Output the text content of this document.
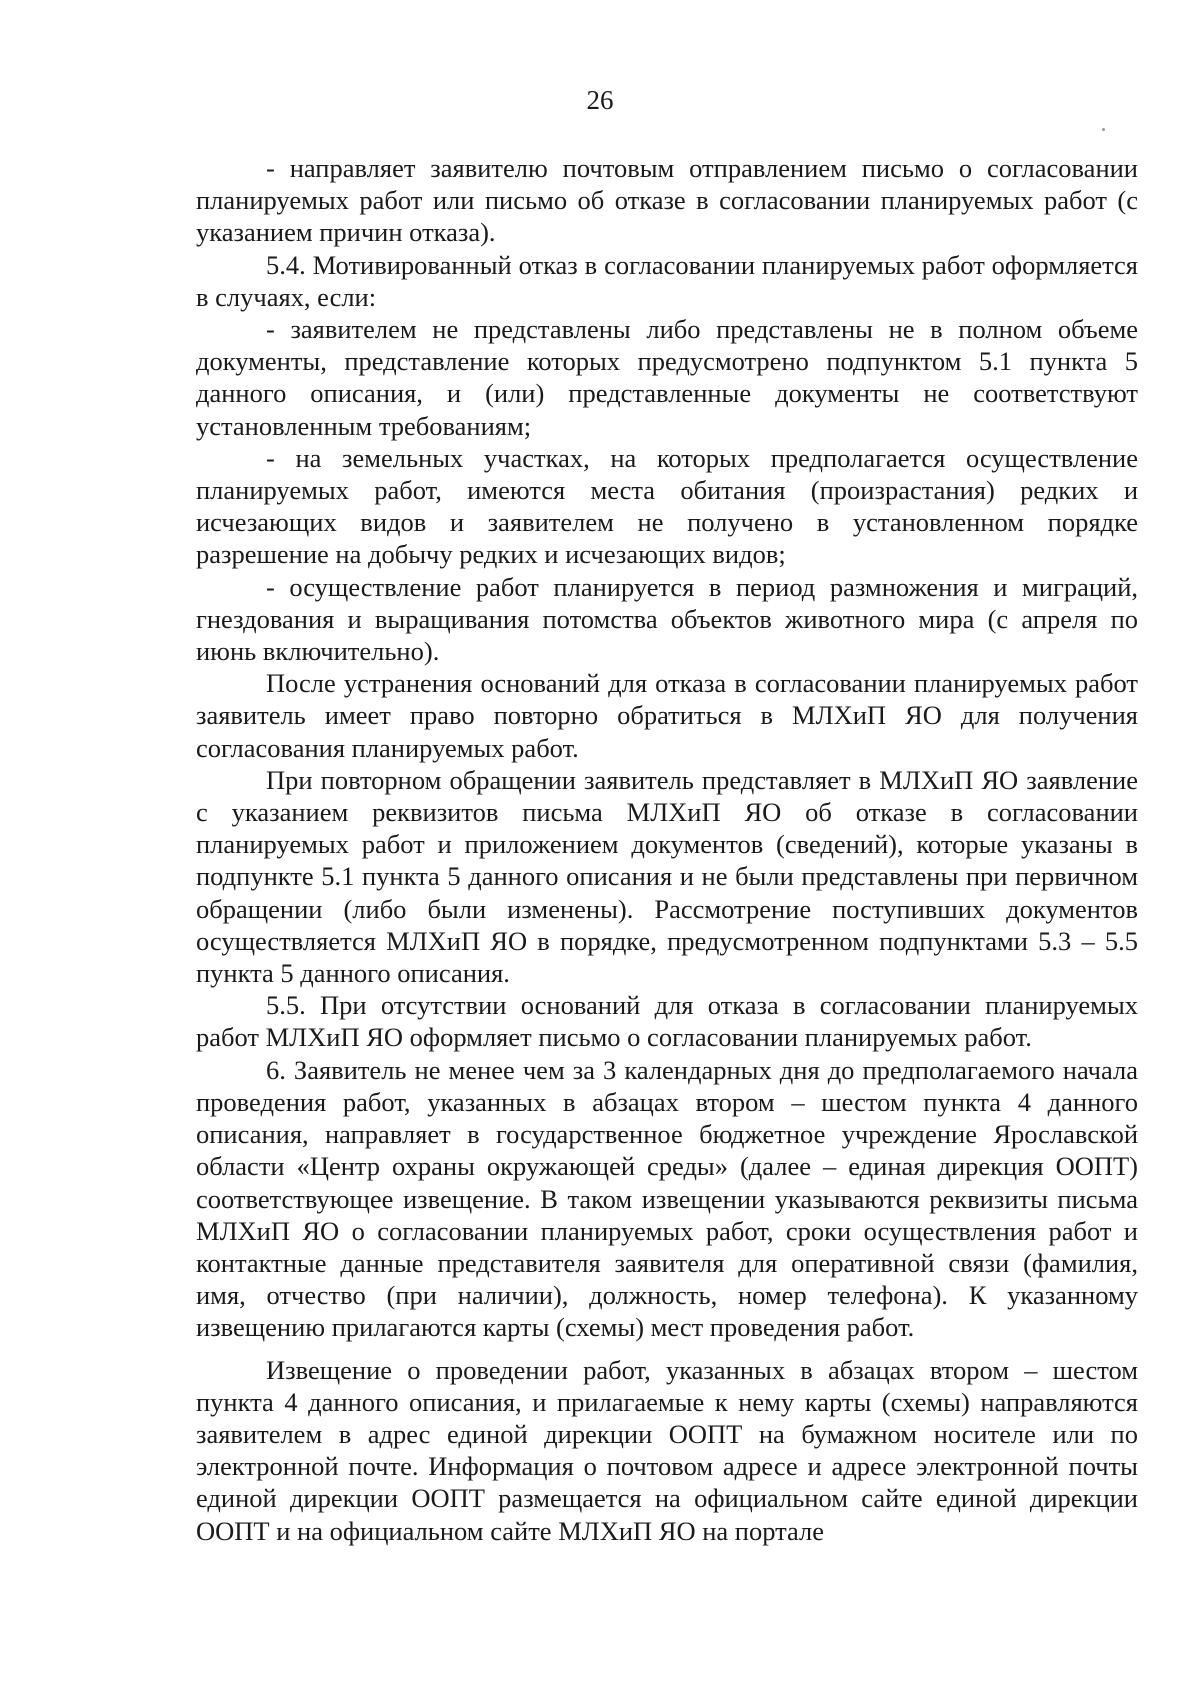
26

- направляет заявителю почтовым отправлением письмо о согласовании планируемых работ или письмо об отказе в согласовании планируемых работ (с указанием причин отказа).

5.4. Мотивированный отказ в согласовании планируемых работ оформляется в случаях, если:

- заявителем не представлены либо представлены не в полном объеме документы, представление которых предусмотрено подпунктом 5.1 пункта 5 данного описания, и (или) представленные документы не соответствуют установленным требованиям;

- на земельных участках, на которых предполагается осуществление планируемых работ, имеются места обитания (произрастания) редких и исчезающих видов и заявителем не получено в установленном порядке разрешение на добычу редких и исчезающих видов;

- осуществление работ планируется в период размножения и миграций, гнездования и выращивания потомства объектов животного мира (с апреля по июнь включительно).

После устранения оснований для отказа в согласовании планируемых работ заявитель имеет право повторно обратиться в МЛХиП ЯО для получения согласования планируемых работ.

При повторном обращении заявитель представляет в МЛХиП ЯО заявление с указанием реквизитов письма МЛХиП ЯО об отказе в согласовании планируемых работ и приложением документов (сведений), которые указаны в подпункте 5.1 пункта 5 данного описания и не были представлены при первичном обращении (либо были изменены). Рассмотрение поступивших документов осуществляется МЛХиП ЯО в порядке, предусмотренном подпунктами 5.3 – 5.5 пункта 5 данного описания.

5.5. При отсутствии оснований для отказа в согласовании планируемых работ МЛХиП ЯО оформляет письмо о согласовании планируемых работ.

6. Заявитель не менее чем за 3 календарных дня до предполагаемого начала проведения работ, указанных в абзацах втором – шестом пункта 4 данного описания, направляет в государственное бюджетное учреждение Ярославской области «Центр охраны окружающей среды» (далее – единая дирекция ООПТ) соответствующее извещение. В таком извещении указываются реквизиты письма МЛХиП ЯО о согласовании планируемых работ, сроки осуществления работ и контактные данные представителя заявителя для оперативной связи (фамилия, имя, отчество (при наличии), должность, номер телефона). К указанному извещению прилагаются карты (схемы) мест проведения работ.

Извещение о проведении работ, указанных в абзацах втором – шестом пункта 4 данного описания, и прилагаемые к нему карты (схемы) направляются заявителем в адрес единой дирекции ООПТ на бумажном носителе или по электронной почте. Информация о почтовом адресе и адресе электронной почты единой дирекции ООПТ размещается на официальном сайте единой дирекции ООПТ и на официальном сайте МЛХиП ЯО на портале
